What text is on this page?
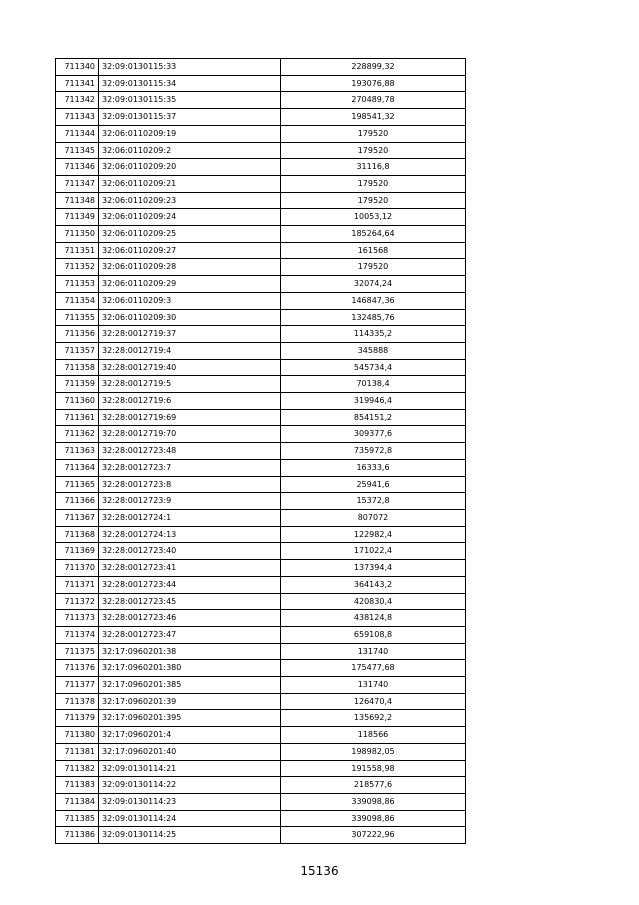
711340	32:09:0130115:33	228899,32
711341	32:09:0130115:34	193076,88
711342	32:09:0130115:35	270489,78
711343	32:09:0130115:37	198541,32
711344	32:06:0110209:19	179520
711345	32:06:0110209:2	179520
711346	32:06:0110209:20	31116,8
711347	32:06:0110209:21	179520
711348	32:06:0110209:23	179520
711349	32:06:0110209:24	10053,12
711350	32:06:0110209:25	185264,64
711351	32:06:0110209:27	161568
711352	32:06:0110209:28	179520
711353	32:06:0110209:29	32074,24
711354	32:06:0110209:3	146847,36
711355	32:06:0110209:30	132485,76
711356	32:28:0012719:37	114335,2
711357	32:28:0012719:4	345888
711358	32:28:0012719:40	545734,4
711359	32:28:0012719:5	70138,4
711360	32:28:0012719:6	319946,4
711361	32:28:0012719:69	854151,2
711362	32:28:0012719:70	309377,6
711363	32:28:0012723:48	735972,8
711364	32:28:0012723:7	16333,6
711365	32:28:0012723:8	25941,6
711366	32:28:0012723:9	15372,8
711367	32:28:0012724:1	807072
711368	32:28:0012724:13	122982,4
711369	32:28:0012723:40	171022,4
711370	32:28:0012723:41	137394,4
711371	32:28:0012723:44	364143,2
711372	32:28:0012723:45	420830,4
711373	32:28:0012723:46	438124,8
711374	32:28:0012723:47	659108,8
711375	32:17:0960201:38	131740
711376	32:17:0960201:380	175477,68
711377	32:17:0960201:385	131740
711378	32:17:0960201:39	126470,4
711379	32:17:0960201:395	135692,2
711380	32:17:0960201:4	118566
711381	32:17:0960201:40	198982,05
711382	32:09:0130114:21	191558,98
711383	32:09:0130114:22	218577,6
711384	32:09:0130114:23	339098,86
711385	32:09:0130114:24	339098,86
711386	32:09:0130114:25	307222,96
15136
